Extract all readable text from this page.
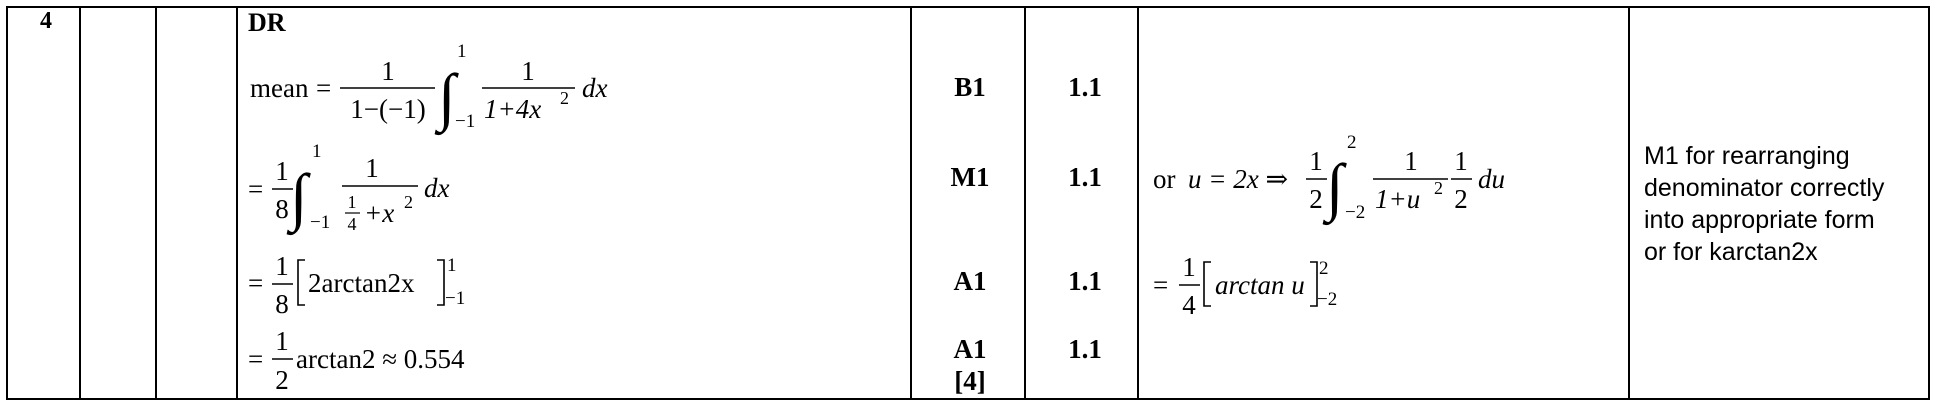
4	DR
mean =
1
1−(−1) ∫
1
−1
1
1+4x 2 dx
=
1
8 ∫
1
−1
1
1
4 +x 2 dx
=
1
8
2arctan2x
1
−1
=
1
2
arctan2 ≈ 0.554
or u = 2x ⇒
1
2 ∫
2
−2
1
1+u 2
1
2
du
=
1
4
arctan u
2
−2
B1
M1
A1
A1
[4]
1.1
1.1
1.1
1.1
M1 for rearranging
denominator correctly
into appropriate form
or for karctan2x
